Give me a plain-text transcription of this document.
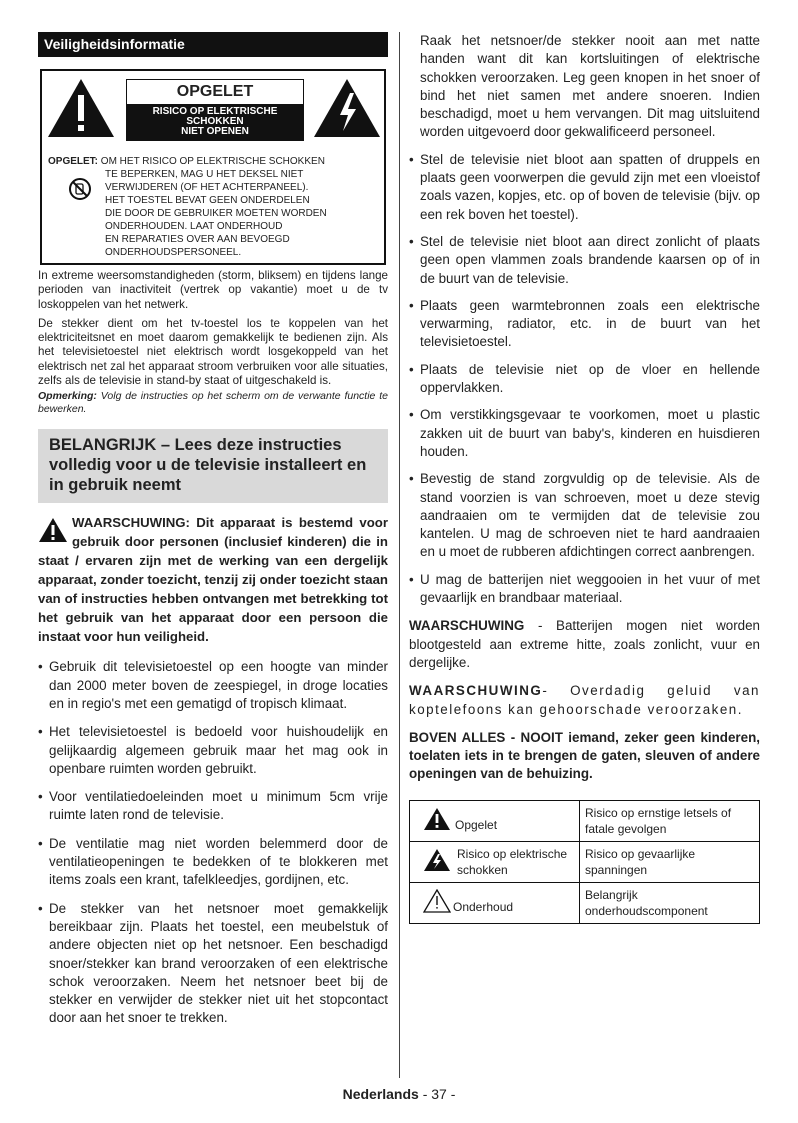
Veiligheidsinformatie
OPGELET
RISICO OP ELEKTRISCHE
SCHOKKEN
NIET OPENEN
OPGELET: OM HET RISICO OP ELEKTRISCHE SCHOKKEN
TE BEPERKEN, MAG U HET DEKSEL NIET
VERWIJDEREN (OF HET ACHTERPANEEL).
HET TOESTEL BEVAT GEEN ONDERDELEN
DIE DOOR DE GEBRUIKER MOETEN WORDEN
ONDERHOUDEN. LAAT ONDERHOUD
EN REPARATIES OVER AAN BEVOEGD
ONDERHOUDSPERSONEEL.

In extreme weersomstandigheden (storm, bliksem) en tijdens lange perioden van inactiviteit (vertrek op vakantie) moet u de tv loskoppelen van het netwerk.

De stekker dient om het tv-toestel los te koppelen van het elektriciteitsnet en moet daarom gemakkelijk te bedienen zijn. Als het televisietoestel niet elektrisch wordt losgekoppeld van het elektrisch net zal het apparaat stroom verbruiken voor alle situaties, zelfs als de televisie in stand-by staat of uitgeschakeld is.

Opmerking: Volg de instructies op het scherm om de verwante functie te bewerken.

BELANGRIJK – Lees deze instructies volledig voor u de televisie installeert en in gebruik neemt
WAARSCHUWING: Dit apparaat is bestemd voor gebruik door personen (inclusief kinderen) die in staat / ervaren zijn met de werking van een dergelijk apparaat, zonder toezicht, tenzij zij onder toezicht staan van of instructies hebben ontvangen met betrekking tot het gebruik van het apparaat door een persoon die instaat voor hun veiligheid.
• Gebruik dit televisietoestel op een hoogte van minder dan 2000 meter boven de zeespiegel, in droge locaties en in regio's met een gematigd of tropisch klimaat.
• Het televisietoestel is bedoeld voor huishoudelijk en gelijkaardig algemeen gebruik maar het mag ook in openbare ruimten worden gebruikt.
• Voor ventilatiedoeleinden moet u minimum 5cm vrije ruimte laten rond de televisie.
• De ventilatie mag niet worden belemmerd door de ventilatieopeningen te bedekken of te blokkeren met items zoals een krant, tafelkleedjes, gordijnen, etc.
• De stekker van het netsnoer moet gemakkelijk bereikbaar zijn. Plaats het toestel, een meubelstuk of andere objecten niet op het netsnoer. Een beschadigd snoer/stekker kan brand veroorzaken of een elektrische schok veroorzaken. Neem het netsnoer beet bij de stekker en verwijder de stekker niet uit het stopcontact door aan het snoer te trekken.

Raak het netsnoer/de stekker nooit aan met natte handen want dit kan kortsluitingen of elektrische schokken veroorzaken. Leg geen knopen in het snoer of bind het niet samen met andere snoeren. Indien beschadigd, moet u hem vervangen. Dit mag uitsluitend worden uitgevoerd door gekwalificeerd personeel.

• Stel de televisie niet bloot aan spatten of druppels en plaats geen voorwerpen die gevuld zijn met een vloeistof zoals vazen, kopjes, etc. op of boven de televisie (bijv. op een rek boven het toestel).
• Stel de televisie niet bloot aan direct zonlicht of plaats geen open vlammen zoals brandende kaarsen op of in de buurt van de televisie.
• Plaats geen warmtebronnen zoals een elektrische verwarming, radiator, etc. in de buurt van het televisietoestel.
• Plaats de televisie niet op de vloer en hellende oppervlakken.
• Om verstikkingsgevaar te voorkomen, moet u plastic zakken uit de buurt van baby's, kinderen en huisdieren houden.
• Bevestig de stand zorgvuldig op de televisie. Als de stand voorzien is van schroeven, moet u deze stevig aandraaien om te vermijden dat de televisie zou kantelen. U mag de schroeven niet te hard aandraaien en u moet de rubberen afdichtingen correct aanbrengen.
• U mag de batterijen niet weggooien in het vuur of met gevaarlijk en brandbaar materiaal.

WAARSCHUWING - Batterijen mogen niet worden blootgesteld aan extreme hitte, zoals zonlicht, vuur en dergelijke.

WAARSCHUWING- Overdadig geluid van koptelefoons kan gehoorschade veroorzaken.

BOVEN ALLES - NOOIT iemand, zeker geen kinderen, toelaten iets in te brengen de gaten, sleuven of andere openingen van de behuizing.

Opgelet	Risico op ernstige letsels of fatale gevolgen

Risico op elektrische schokken	Risico op gevaarlijke spanningen

Onderhoud	Belangrijk onderhoudscomponent
Nederlands - 37 -
